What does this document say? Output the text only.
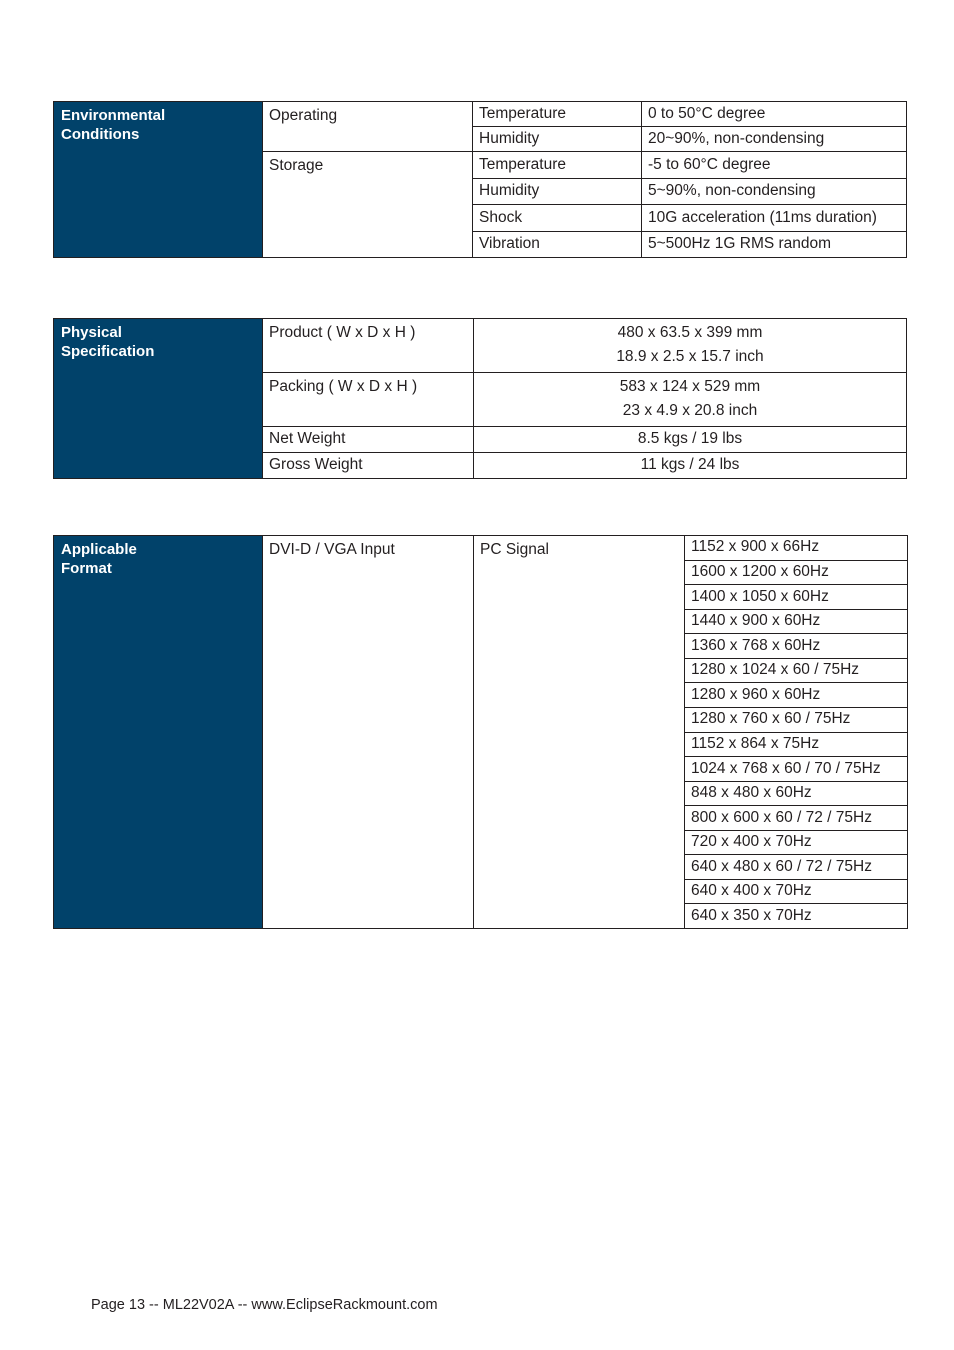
Environmental
Conditions	Operating	Temperature	0 to 50°C degree
		Humidity	20~90%, non-condensing
	Storage	Temperature	-5 to 60°C degree
		Humidity	5~90%, non-condensing
		Shock	10G acceleration (11ms duration)
		Vibration	5~500Hz 1G RMS random
Physical
Specification	Product ( W x D x H )	480 x 63.5 x 399 mm
18.9 x 2.5 x 15.7 inch

	Packing ( W x D x H )	583 x 124 x 529 mm
23 x 4.9 x 20.8 inch

	Net Weight	8.5 kgs / 19 lbs
	Gross Weight	11 kgs / 24 lbs
Applicable
Format	DVI-D / VGA Input	PC Signal	1152 x 900 x 66Hz
1600 x 1200 x 60Hz
1400 x 1050 x 60Hz
1440 x 900 x 60Hz
1360 x 768 x 60Hz
1280 x 1024 x 60 / 75Hz
1280 x 960 x 60Hz
1280 x 760 x 60 / 75Hz
1152 x 864 x 75Hz
1024 x 768 x 60 / 70 / 75Hz
848 x 480 x 60Hz
800 x 600 x 60 / 72 / 75Hz
720 x 400 x 70Hz
640 x 480 x 60 / 72 / 75Hz
640 x 400 x 70Hz
640 x 350 x 70Hz
Page 13 -- ML22V02A -- www.EclipseRackmount.com
